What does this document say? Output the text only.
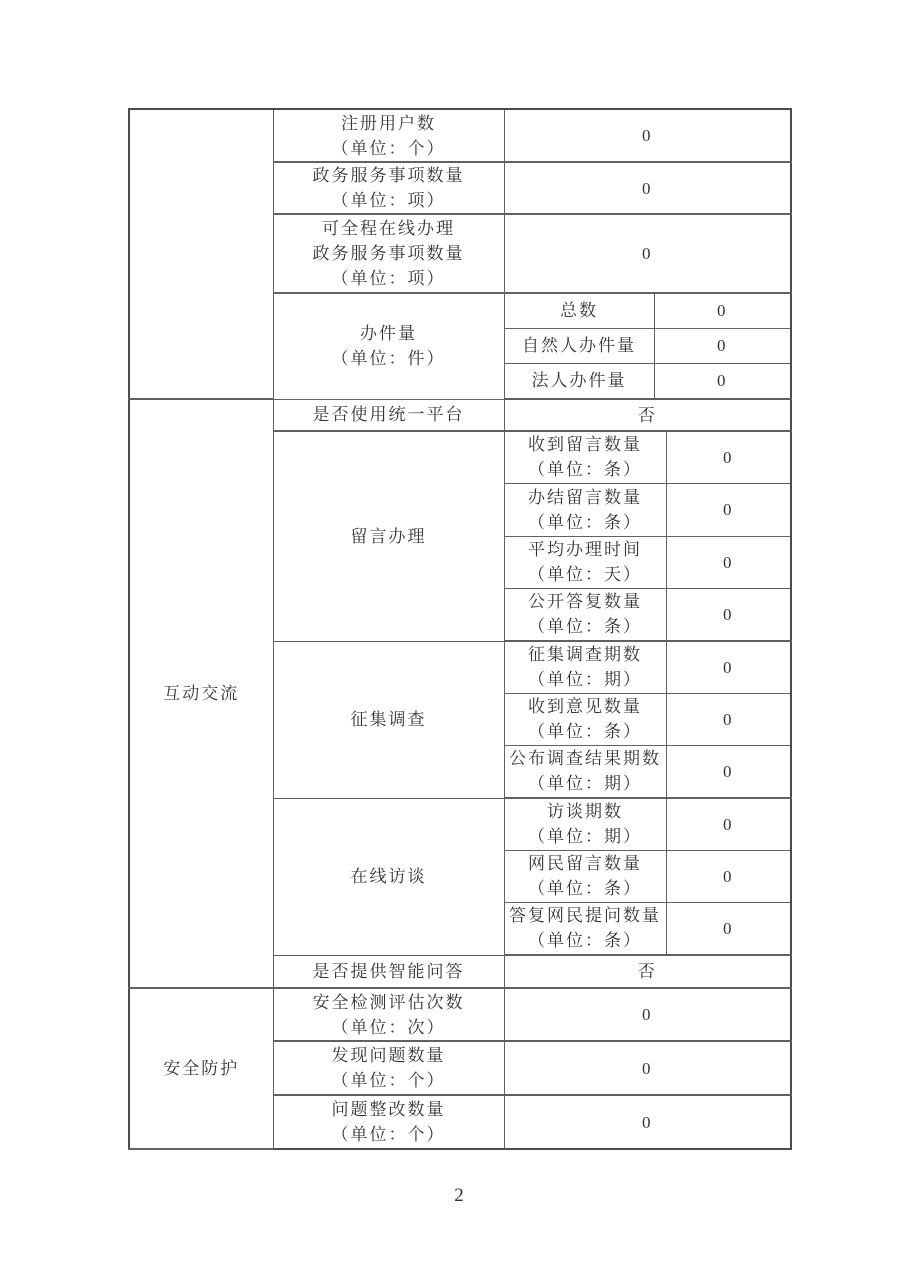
	注册用户数
（单位：个）	0		

	政务服务事项数量
（单位：项）	0		

	可全程在线办理
政务服务事项数量
（单位：项）	0		

	办件量
（单位：件）	总数	0	

		自然人办件量	0	

		法人办件量	0	
互动交流	是否使用统一平台	否		

	留言办理	收到留言数量
（单位：条）		0

		办结留言数量
（单位：条）		0

		平均办理时间
（单位：天）		0

		公开答复数量
（单位：条）		0

	征集调查	征集调查期数
（单位：期）		0

		收到意见数量
（单位：条）		0

		公布调查结果期数
（单位：期）		0

	在线访谈	访谈期数
（单位：期）		0

		网民留言数量
（单位：条）		0

		答复网民提问数量
（单位：条）		0

	是否提供智能问答	否		
安全防护	安全检测评估次数
（单位：次）	0		

	发现问题数量
（单位：个）	0		

	问题整改数量
（单位：个）	0		
2
